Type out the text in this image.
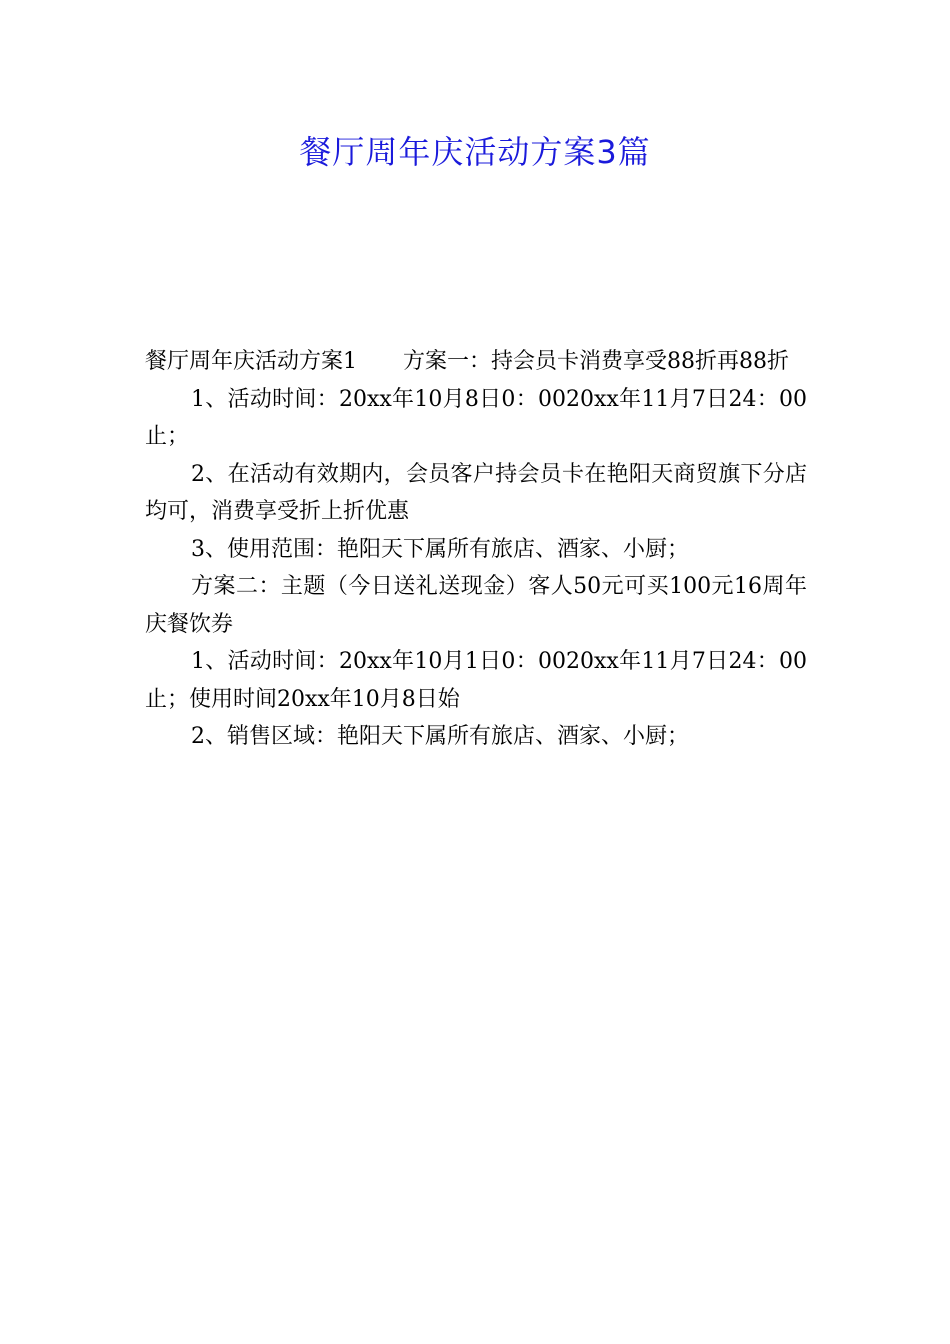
餐厅周年庆活动方案3篇

餐厅周年庆活动方案1 方案一：持会员卡消费享受88折再88折

1、活动时间：20xx年10月8日0：0020xx年11月7日24：00止；

2、在活动有效期内，会员客户持会员卡在艳阳天商贸旗下分店均可，消费享受折上折优惠

3、使用范围：艳阳天下属所有旅店、酒家、小厨；

方案二：主题（今日送礼送现金）客人50元可买100元16周年庆餐饮券

1、活动时间：20xx年10月1日0：0020xx年11月7日24：00止；使用时间20xx年10月8日始

2、销售区域：艳阳天下属所有旅店、酒家、小厨；
